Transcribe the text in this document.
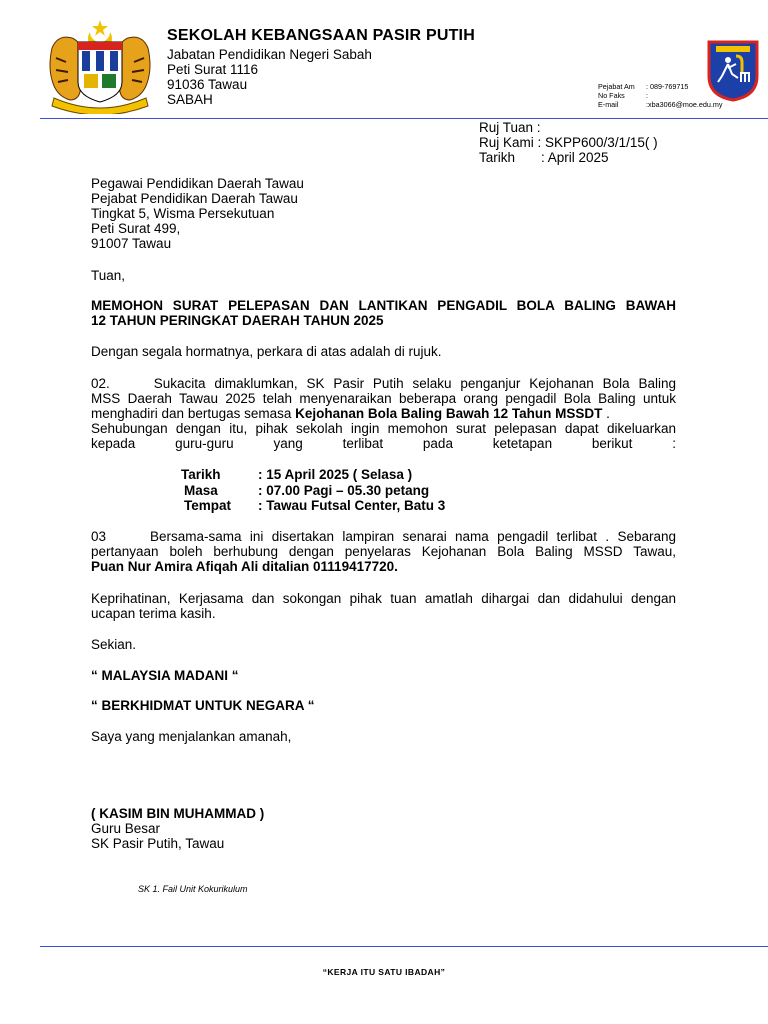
SEKOLAH KEBANGSAAN PASIR PUTIH
Jabatan Pendidikan Negeri Sabah
Peti Surat 1116
91036 Tawau
SABAH
Pejabat Am : 089-769715
No Faks	:
E-mail	:xba3066@moe.edu.my
Ruj Tuan :
Ruj Kami : SKPP600/3/1/15( )
Tarikh : April 2025
Pegawai Pendidikan Daerah Tawau
Pejabat Pendidikan Daerah Tawau
Tingkat 5, Wisma Persekutuan
Peti Surat 499,
91007 Tawau
Tuan,
MEMOHON SURAT PELEPASAN DAN LANTIKAN PENGADIL BOLA BALING BAWAH
12 TAHUN PERINGKAT DAERAH TAHUN 2025
Dengan segala hormatnya, perkara di atas adalah di rujuk.
02.	Sukacita dimaklumkan, SK Pasir Putih selaku penganjur Kejohanan Bola Baling
MSS Daerah Tawau 2025 telah menyenaraikan beberapa orang pengadil Bola Baling untuk
menghadiri dan bertugas semasa Kejohanan Bola Baling Bawah 12 Tahun MSSDT .
Sehubungan dengan itu, pihak sekolah ingin memohon surat pelepasan dapat dikeluarkan
kepada guru-guru yang terlibat pada ketetapan berikut :
Tarikh	: 15 April 2025 ( Selasa )
Masa	: 07.00 Pagi – 05.30 petang
Tempat : Tawau Futsal Center, Batu 3
03	Bersama-sama ini disertakan lampiran senarai nama pengadil terlibat . Sebarang
pertanyaan boleh berhubung dengan penyelaras Kejohanan Bola Baling MSSD Tawau,
Puan Nur Amira Afiqah Ali ditalian 01119417720.
Keprihatinan, Kerjasama dan sokongan pihak tuan amatlah dihargai dan didahului dengan
ucapan terima kasih.
Sekian.
“ MALAYSIA MADANI “
“ BERKHIDMAT UNTUK NEGARA “
Saya yang menjalankan amanah,
( KASIM BIN MUHAMMAD )
Guru Besar
SK Pasir Putih, Tawau
SK 1. Fail Unit Kokurikulum
“KERJA ITU SATU IBADAH”
